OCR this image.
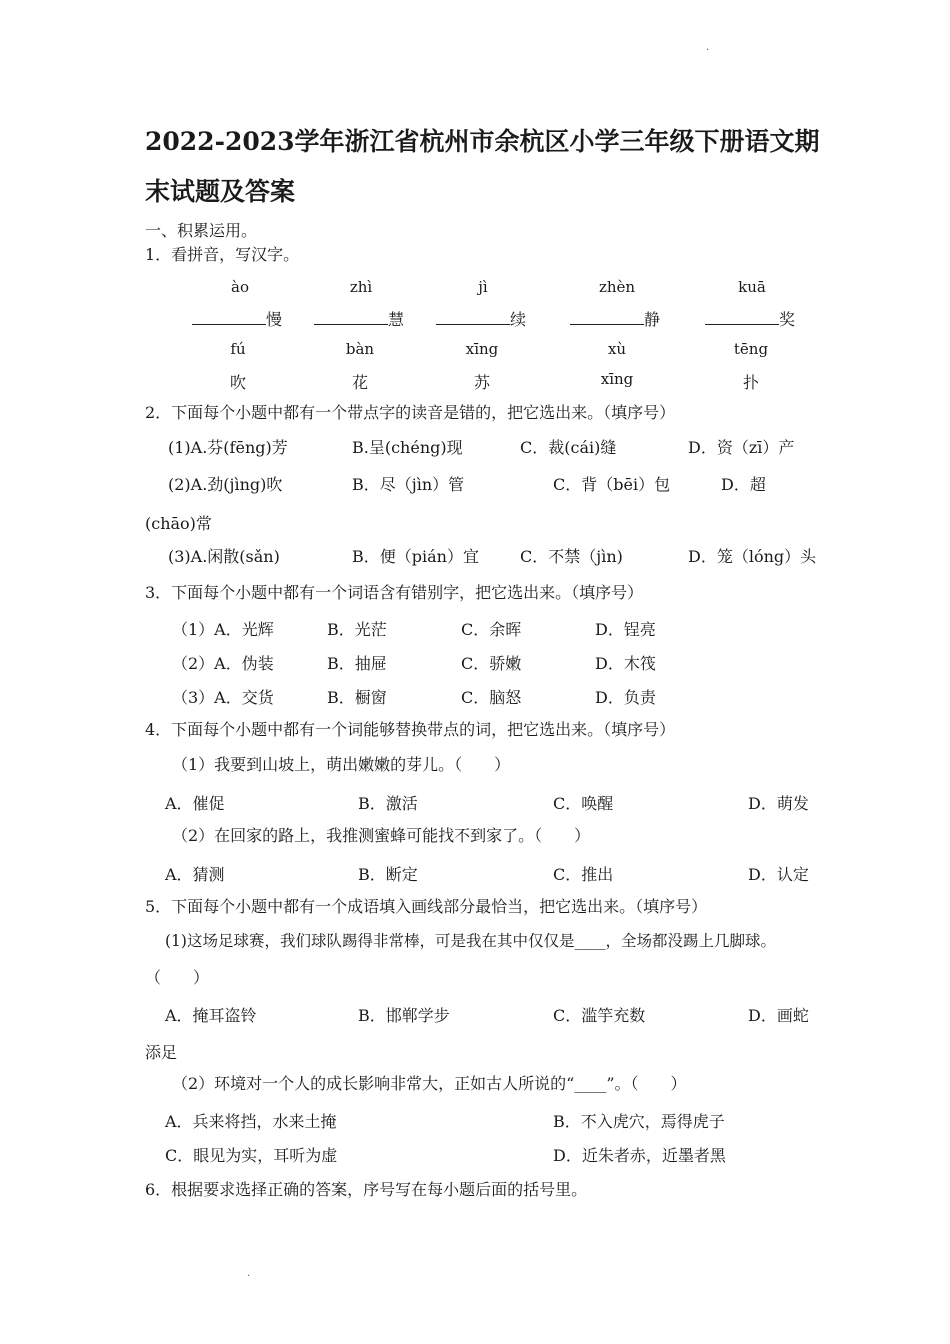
.
.
2022-2023学年浙江省杭州市余杭区小学三年级下册语文期
末试题及答案
一、积累运用。
1．看拼音，写汉字。
ào	zhì	jì	zhèn	kuā
慢	慧	续	静	奖
fú	bàn	xīng	xù	tēng
吹	花	苏	xīng	扑
2．下面每个小题中都有一个带点字的读音是错的，把它选出来。（填序号）
(1)A.芬(fēng)芳	B.呈(chéng)现	C．裁(cái)缝	D．资（zī）产
(2)A.劲(jìng)吹	B．尽（jìn）管	C．背（bēi）包	D．超
(chāo)常
(3)A.闲散(sǎn)	B．便（pián）宜	C．不禁（jìn)	D．笼（lóng）头
3．下面每个小题中都有一个词语含有错别字，把它选出来。（填序号）
（1）A．光辉	B．光茫	C．余晖	D．锃亮
（2）A．伪装	B．抽屉	C．骄嫩	D．木筏
（3）A．交货	B．橱窗	C．脑怒	D．负责
4．下面每个小题中都有一个词能够替换带点的词，把它选出来。（填序号）
（1）我要到山坡上，萌出嫩嫩的芽儿。（　　）
A．催促	B．激活	C．唤醒	D．萌发
（2）在回家的路上，我推测蜜蜂可能找不到家了。（　　）
A．猜测	B．断定	C．推出	D．认定
5．下面每个小题中都有一个成语填入画线部分最恰当，把它选出来。（填序号）
(1)这场足球赛，我们球队踢得非常棒，可是我在其中仅仅是____，全场都没踢上几脚球。
（　　）
A．掩耳盗铃	B．邯郸学步	C．滥竽充数	D．画蛇
添足
（2）环境对一个人的成长影响非常大，正如古人所说的“____”。（　　）
A．兵来将挡，水来土掩	B．不入虎穴，焉得虎子
C．眼见为实，耳听为虚	D．近朱者赤，近墨者黑
6．根据要求选择正确的答案，序号写在每小题后面的括号里。
